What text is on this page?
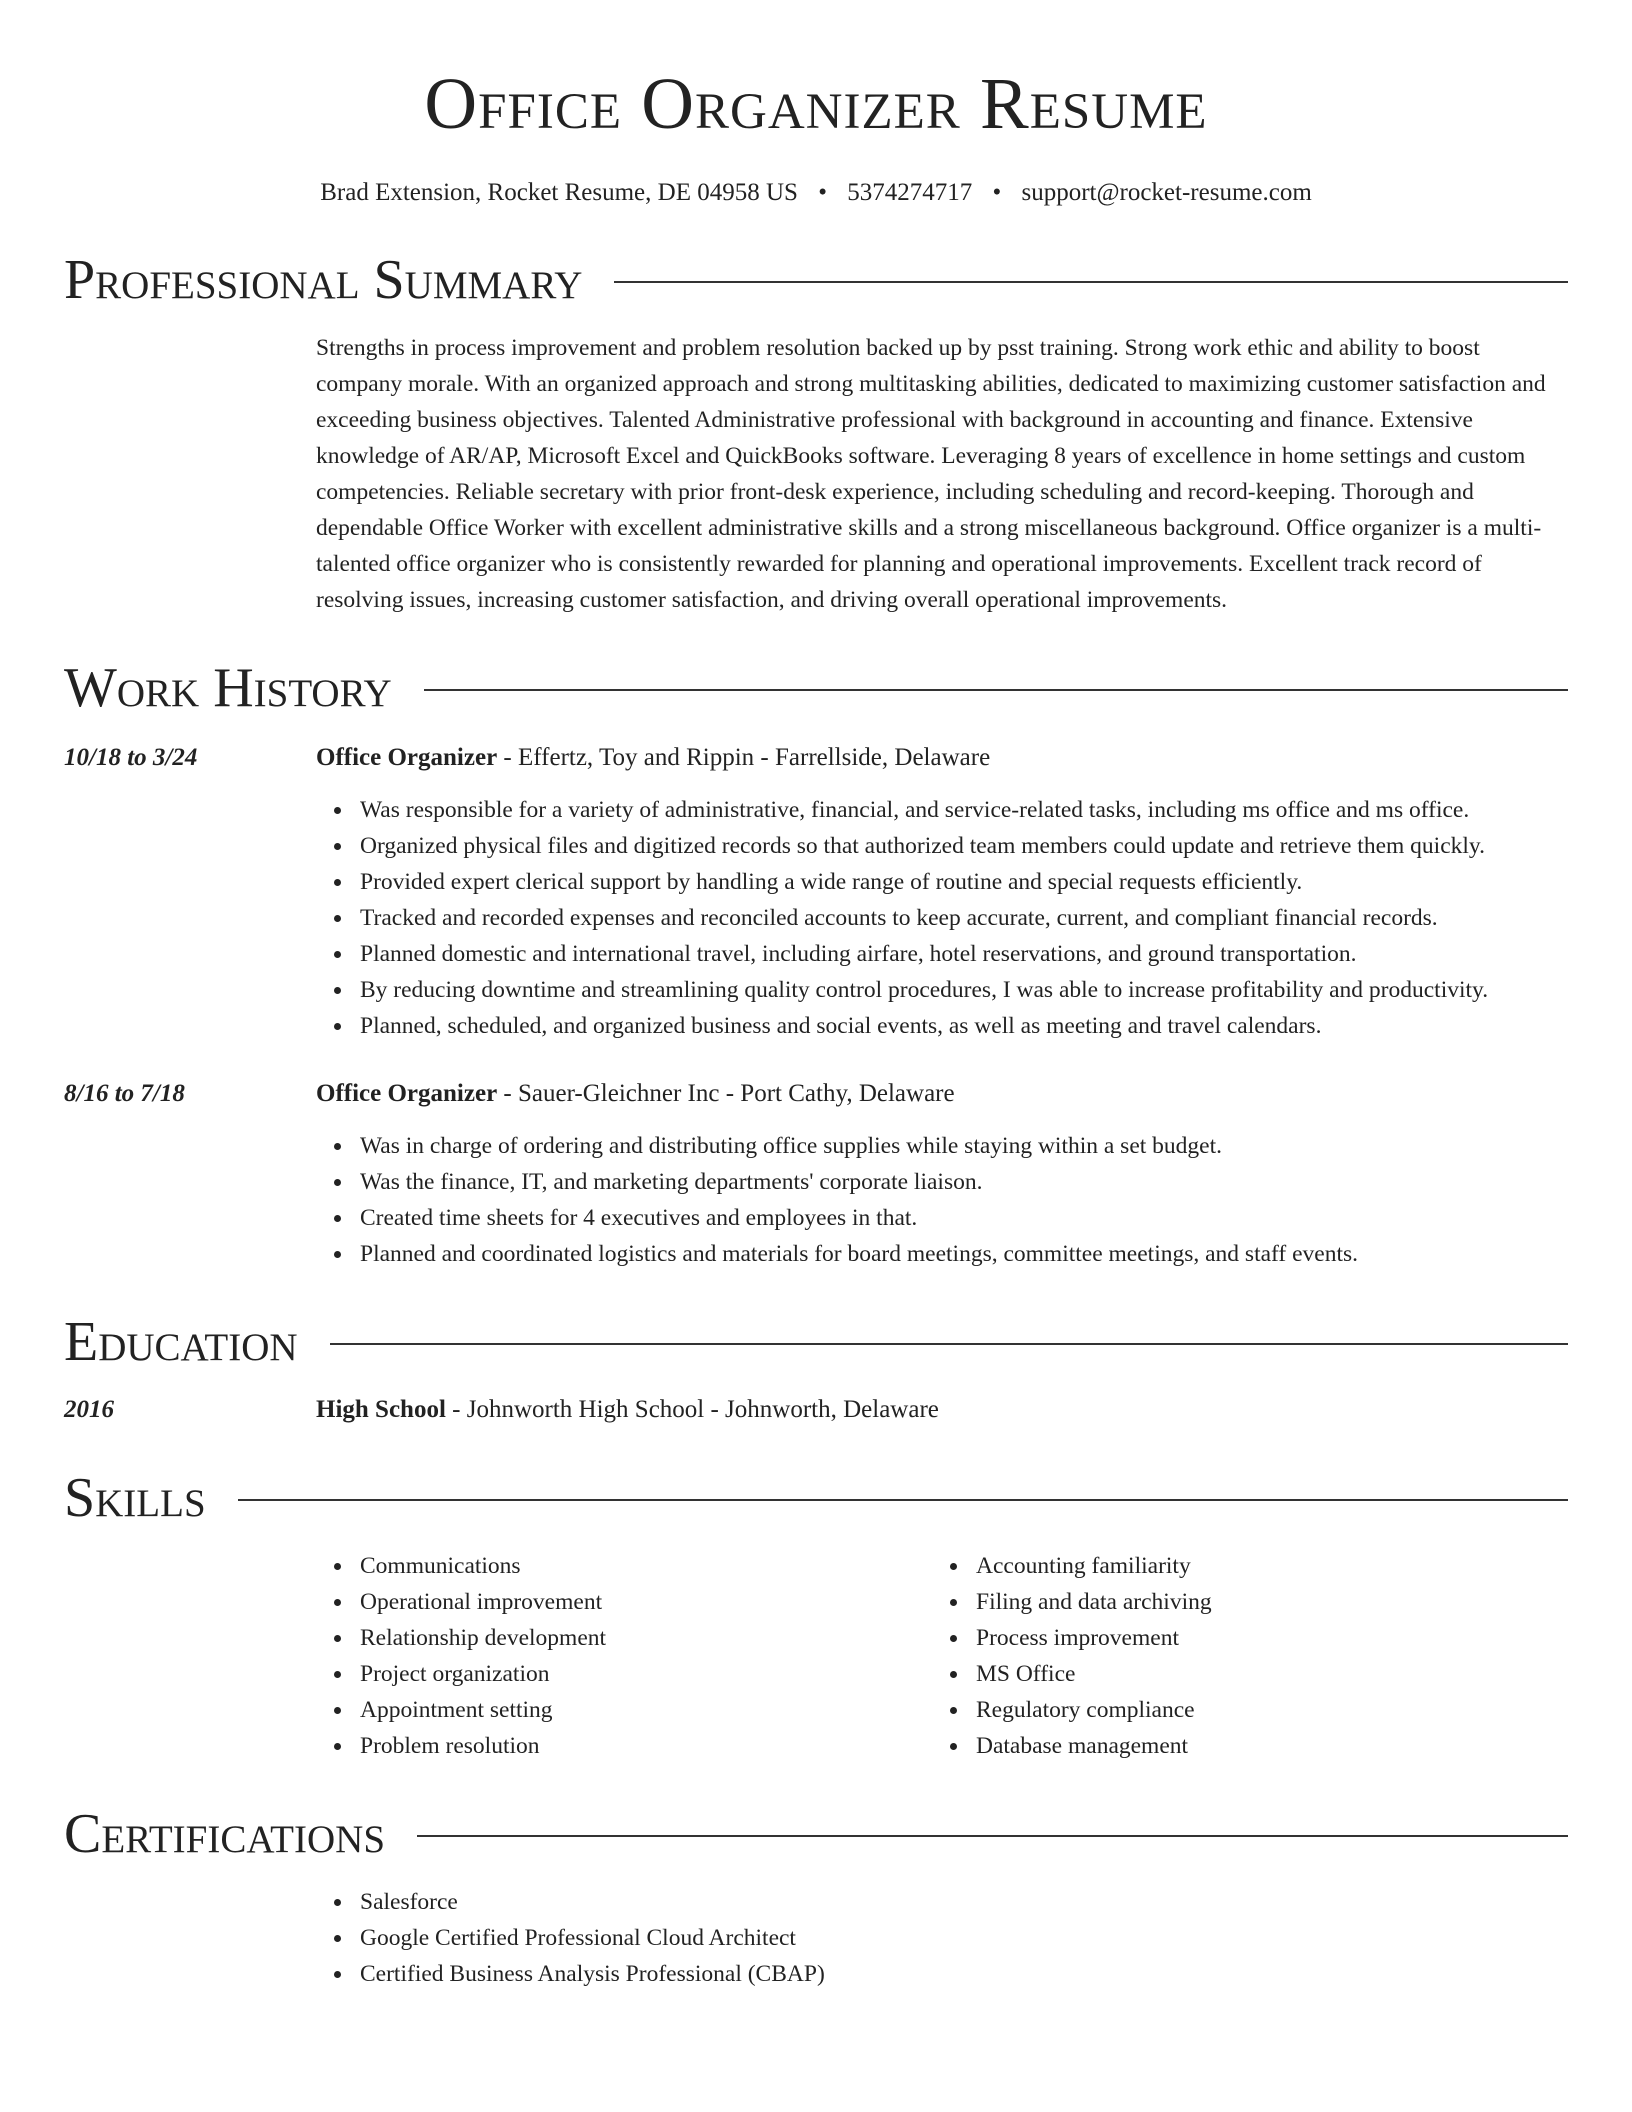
Office Organizer Resume
Brad Extension, Rocket Resume, DE 04958 US • 5374274717 • support@rocket-resume.com
Professional Summary
Strengths in process improvement and problem resolution backed up by psst training. Strong work ethic and ability to boost company morale. With an organized approach and strong multitasking abilities, dedicated to maximizing customer satisfaction and exceeding business objectives. Talented Administrative professional with background in accounting and finance. Extensive knowledge of AR/AP, Microsoft Excel and QuickBooks software. Leveraging 8 years of excellence in home settings and custom competencies. Reliable secretary with prior front-desk experience, including scheduling and record-keeping. Thorough and dependable Office Worker with excellent administrative skills and a strong miscellaneous background. Office organizer is a multi-talented office organizer who is consistently rewarded for planning and operational improvements. Excellent track record of resolving issues, increasing customer satisfaction, and driving overall operational improvements.
Work History
10/18 to 3/24	Office Organizer - Effertz, Toy and Rippin - Farrellside, Delaware
Was responsible for a variety of administrative, financial, and service-related tasks, including ms office and ms office.
Organized physical files and digitized records so that authorized team members could update and retrieve them quickly.
Provided expert clerical support by handling a wide range of routine and special requests efficiently.
Tracked and recorded expenses and reconciled accounts to keep accurate, current, and compliant financial records.
Planned domestic and international travel, including airfare, hotel reservations, and ground transportation.
By reducing downtime and streamlining quality control procedures, I was able to increase profitability and productivity.
Planned, scheduled, and organized business and social events, as well as meeting and travel calendars.
8/16 to 7/18	Office Organizer - Sauer-Gleichner Inc - Port Cathy, Delaware
Was in charge of ordering and distributing office supplies while staying within a set budget.
Was the finance, IT, and marketing departments' corporate liaison.
Created time sheets for 4 executives and employees in that.
Planned and coordinated logistics and materials for board meetings, committee meetings, and staff events.
Education
2016	High School - Johnworth High School - Johnworth, Delaware
Skills
Communications
Operational improvement
Relationship development
Project organization
Appointment setting
Problem resolution
Accounting familiarity
Filing and data archiving
Process improvement
MS Office
Regulatory compliance
Database management
Certifications
Salesforce
Google Certified Professional Cloud Architect
Certified Business Analysis Professional (CBAP)
